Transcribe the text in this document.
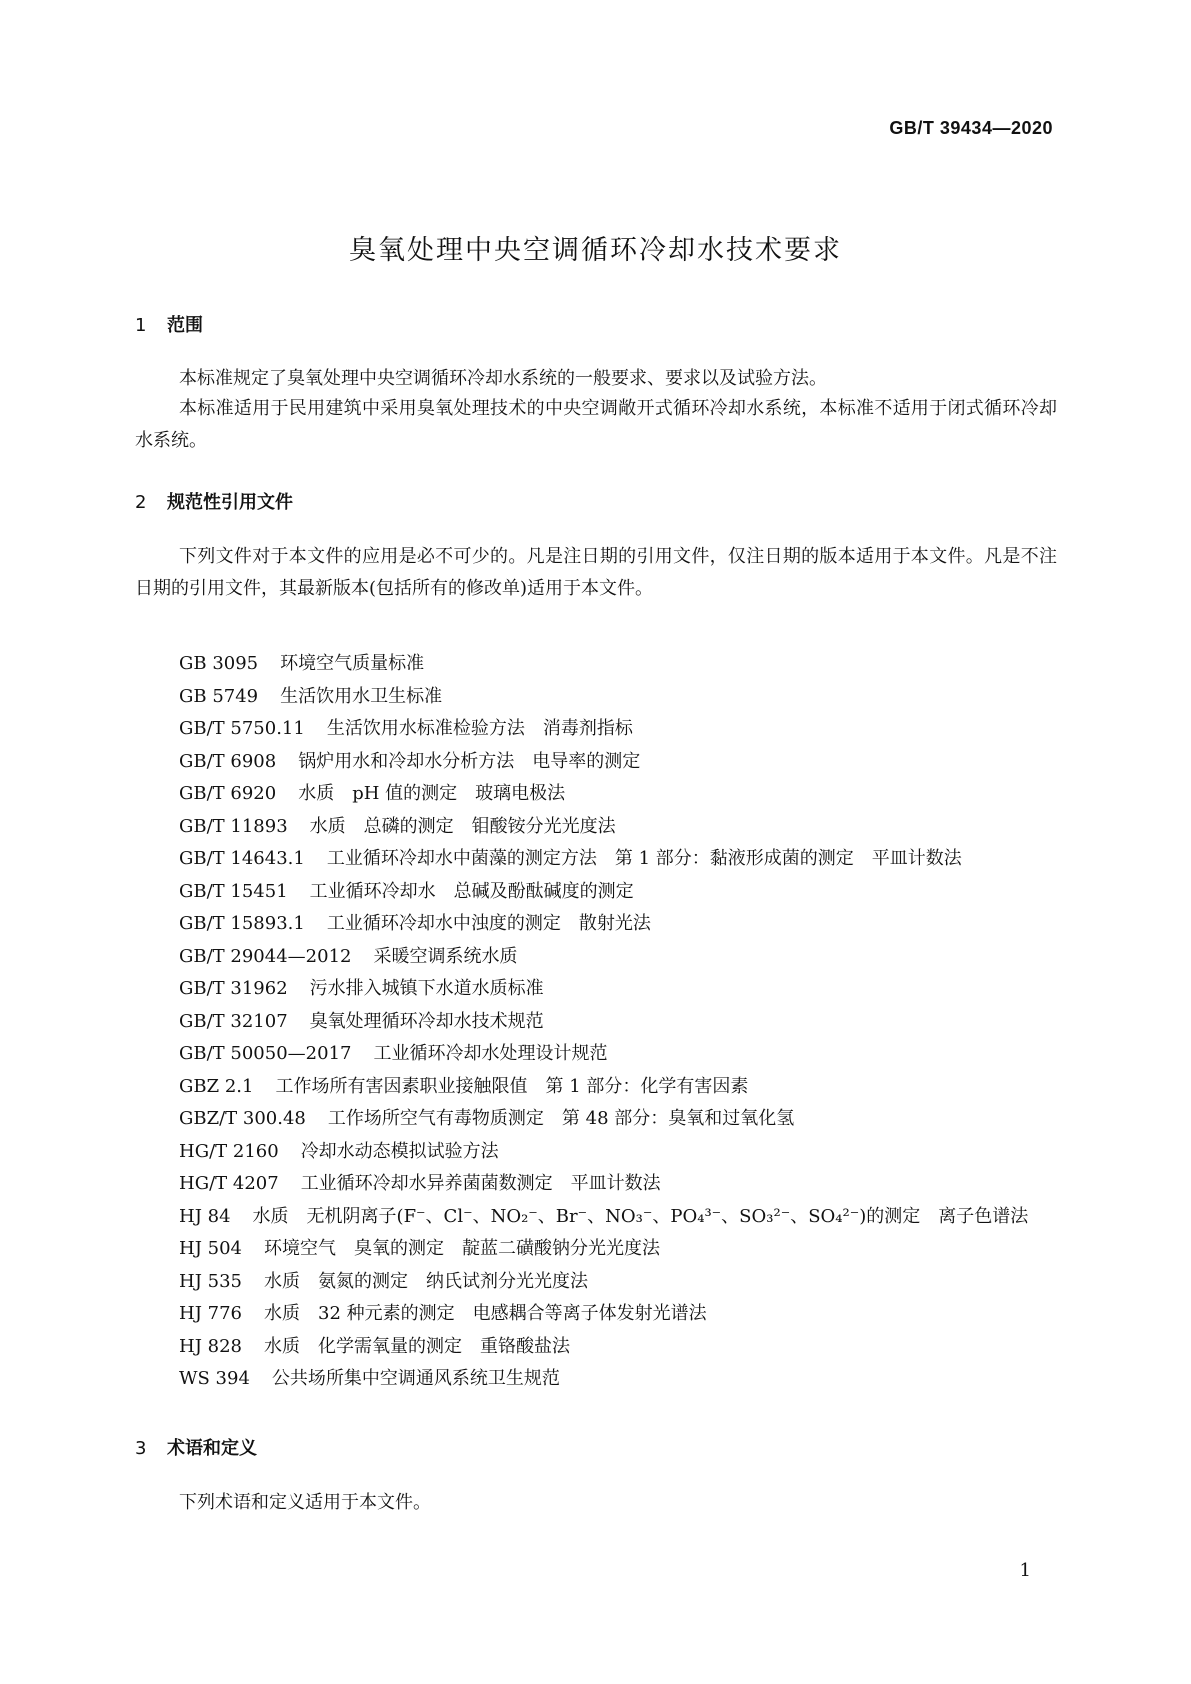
GB/T 39434—2020
臭氧处理中央空调循环冷却水技术要求
1 范围
本标准规定了臭氧处理中央空调循环冷却水系统的一般要求、要求以及试验方法。
本标准适用于民用建筑中采用臭氧处理技术的中央空调敞开式循环冷却水系统，本标准不适用于闭式循环冷却水系统。
2 规范性引用文件
下列文件对于本文件的应用是必不可少的。凡是注日期的引用文件，仅注日期的版本适用于本文件。凡是不注日期的引用文件，其最新版本(包括所有的修改单)适用于本文件。
GB 3095 环境空气质量标准
GB 5749 生活饮用水卫生标准
GB/T 5750.11 生活饮用水标准检验方法　消毒剂指标
GB/T 6908 锅炉用水和冷却水分析方法　电导率的测定
GB/T 6920 水质　pH 值的测定　玻璃电极法
GB/T 11893 水质　总磷的测定　钼酸铵分光光度法
GB/T 14643.1 工业循环冷却水中菌藻的测定方法　第 1 部分：黏液形成菌的测定　平皿计数法
GB/T 15451 工业循环冷却水　总碱及酚酞碱度的测定
GB/T 15893.1 工业循环冷却水中浊度的测定　散射光法
GB/T 29044—2012 采暖空调系统水质
GB/T 31962 污水排入城镇下水道水质标准
GB/T 32107 臭氧处理循环冷却水技术规范
GB/T 50050—2017 工业循环冷却水处理设计规范
GBZ 2.1 工作场所有害因素职业接触限值　第 1 部分：化学有害因素
GBZ/T 300.48 工作场所空气有毒物质测定　第 48 部分：臭氧和过氧化氢
HG/T 2160 冷却水动态模拟试验方法
HG/T 4207 工业循环冷却水异养菌菌数测定　平皿计数法
HJ 84 水质　无机阴离子(F⁻、Cl⁻、NO₂⁻、Br⁻、NO₃⁻、PO₄³⁻、SO₃²⁻、SO₄²⁻)的测定　离子色谱法
HJ 504 环境空气　臭氧的测定　靛蓝二磺酸钠分光光度法
HJ 535 水质　氨氮的测定　纳氏试剂分光光度法
HJ 776 水质　32 种元素的测定　电感耦合等离子体发射光谱法
HJ 828 水质　化学需氧量的测定　重铬酸盐法
WS 394 公共场所集中空调通风系统卫生规范
3 术语和定义
下列术语和定义适用于本文件。
1
